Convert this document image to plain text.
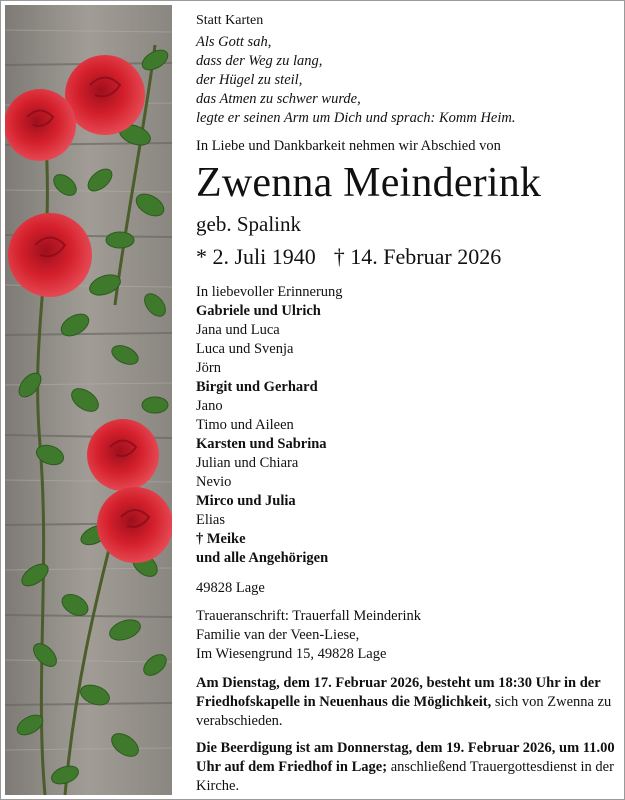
Statt Karten
Als Gott sah,
dass der Weg zu lang,
der Hügel zu steil,
das Atmen zu schwer wurde,
legte er seinen Arm um Dich und sprach: Komm Heim.
In Liebe und Dankbarkeit nehmen wir Abschied von
Zwenna Meinderink
geb. Spalink
* 2. Juli 1940 † 14. Februar 2026
In liebevoller Erinnerung
Gabriele und Ulrich
Jana und Luca
Luca und Svenja
Jörn
Birgit und Gerhard
Jano
Timo und Aileen
Karsten und Sabrina
Julian und Chiara
Nevio
Mirco und Julia
Elias
† Meike
und alle Angehörigen
49828 Lage
Traueranschrift: Trauerfall Meinderink
Familie van der Veen-Liese,
Im Wiesengrund 15, 49828 Lage
Am Dienstag, dem 17. Februar 2026, besteht um 18:30 Uhr in der Friedhofskapelle in Neuenhaus die Möglichkeit, sich von Zwenna zu verabschieden.
Die Beerdigung ist am Donnerstag, dem 19. Februar 2026, um 11.00 Uhr auf dem Friedhof in Lage; anschließend Trauergottesdienst in der Kirche.
